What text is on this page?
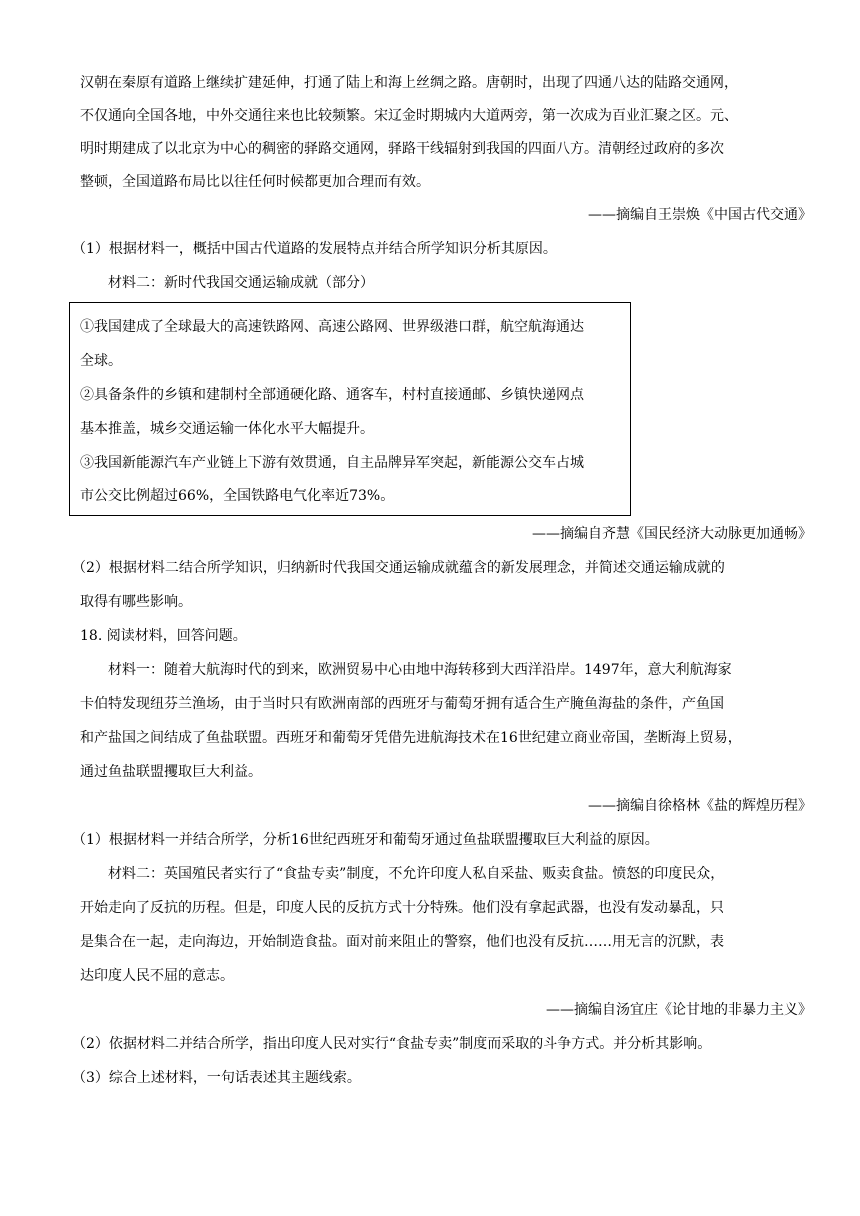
汉朝在秦原有道路上继续扩建延伸，打通了陆上和海上丝绸之路。唐朝时，出现了四通八达的陆路交通网，
不仅通向全国各地，中外交通往来也比较频繁。宋辽金时期城内大道两旁，第一次成为百业汇聚之区。元、
明时期建成了以北京为中心的稠密的驿路交通网，驿路干线辐射到我国的四面八方。清朝经过政府的多次
整顿，全国道路布局比以往任何时候都更加合理而有效。
——摘编自王崇焕《中国古代交通》
（1）根据材料一，概括中国古代道路的发展特点并结合所学知识分析其原因。
材料二：新时代我国交通运输成就（部分）
①我国建成了全球最大的高速铁路网、高速公路网、世界级港口群，航空航海通达
全球。
②具备条件的乡镇和建制村全部通硬化路、通客车，村村直接通邮、乡镇快递网点
基本推盖，城乡交通运输一体化水平大幅提升。
③我国新能源汽车产业链上下游有效贯通，自主品牌异军突起，新能源公交车占城
市公交比例超过66%，全国铁路电气化率近73%。
——摘编自齐慧《国民经济大动脉更加通畅》
（2）根据材料二结合所学知识，归纳新时代我国交通运输成就蕴含的新发展理念，并简述交通运输成就的
取得有哪些影响。
18. 阅读材料，回答问题。
材料一：随着大航海时代的到来，欧洲贸易中心由地中海转移到大西洋沿岸。1497年，意大利航海家
卡伯特发现纽芬兰渔场，由于当时只有欧洲南部的西班牙与葡萄牙拥有适合生产腌鱼海盐的条件，产鱼国
和产盐国之间结成了鱼盐联盟。西班牙和葡萄牙凭借先进航海技术在16世纪建立商业帝国，垄断海上贸易，
通过鱼盐联盟攫取巨大利益。
——摘编自徐格林《盐的辉煌历程》
（1）根据材料一并结合所学，分析16世纪西班牙和葡萄牙通过鱼盐联盟攫取巨大利益的原因。
材料二：英国殖民者实行了“食盐专卖”制度，不允许印度人私自采盐、贩卖食盐。愤怒的印度民众，
开始走向了反抗的历程。但是，印度人民的反抗方式十分特殊。他们没有拿起武器，也没有发动暴乱，只
是集合在一起，走向海边，开始制造食盐。面对前来阻止的警察，他们也没有反抗……用无言的沉默，表
达印度人民不屈的意志。
——摘编自汤宜庄《论甘地的非暴力主义》
（2）依据材料二并结合所学，指出印度人民对实行“食盐专卖”制度而采取的斗争方式。并分析其影响。
（3）综合上述材料，一句话表述其主题线索。
